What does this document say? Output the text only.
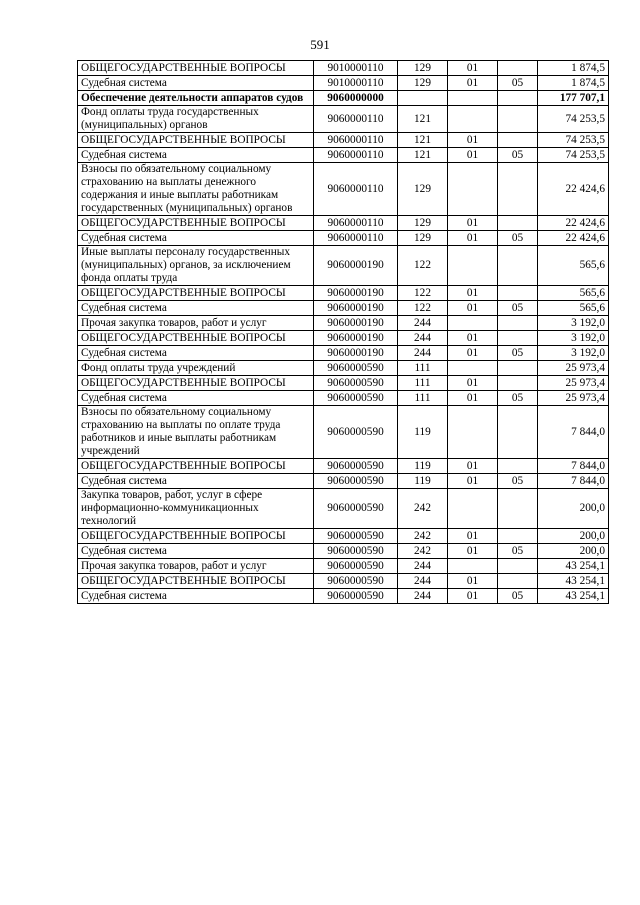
591
ОБЩЕГОСУДАРСТВЕННЫЕ ВОПРОСЫ	9010000110	129	01		1 874,5
Судебная система	9010000110	129	01	05	1 874,5
Обеспечение деятельности аппаратов судов	9060000000				177 707,1
Фонд оплаты труда государственных (муниципальных) органов	9060000110	121			74 253,5
ОБЩЕГОСУДАРСТВЕННЫЕ ВОПРОСЫ	9060000110	121	01		74 253,5
Судебная система	9060000110	121	01	05	74 253,5
Взносы по обязательному социальному страхованию на выплаты денежного содержания и иные выплаты работникам государственных (муниципальных) органов	9060000110	129			22 424,6
ОБЩЕГОСУДАРСТВЕННЫЕ ВОПРОСЫ	9060000110	129	01		22 424,6
Судебная система	9060000110	129	01	05	22 424,6
Иные выплаты персоналу государственных (муниципальных) органов, за исключением фонда оплаты труда	9060000190	122			565,6
ОБЩЕГОСУДАРСТВЕННЫЕ ВОПРОСЫ	9060000190	122	01		565,6
Судебная система	9060000190	122	01	05	565,6
Прочая закупка товаров, работ и услуг	9060000190	244			3 192,0
ОБЩЕГОСУДАРСТВЕННЫЕ ВОПРОСЫ	9060000190	244	01		3 192,0
Судебная система	9060000190	244	01	05	3 192,0
Фонд оплаты труда учреждений	9060000590	111			25 973,4
ОБЩЕГОСУДАРСТВЕННЫЕ ВОПРОСЫ	9060000590	111	01		25 973,4
Судебная система	9060000590	111	01	05	25 973,4
Взносы по обязательному социальному страхованию на выплаты по оплате труда работников и иные выплаты работникам учреждений	9060000590	119			7 844,0
ОБЩЕГОСУДАРСТВЕННЫЕ ВОПРОСЫ	9060000590	119	01		7 844,0
Судебная система	9060000590	119	01	05	7 844,0
Закупка товаров, работ, услуг в сфере информационно-коммуникационных технологий	9060000590	242			200,0
ОБЩЕГОСУДАРСТВЕННЫЕ ВОПРОСЫ	9060000590	242	01		200,0
Судебная система	9060000590	242	01	05	200,0
Прочая закупка товаров, работ и услуг	9060000590	244			43 254,1
ОБЩЕГОСУДАРСТВЕННЫЕ ВОПРОСЫ	9060000590	244	01		43 254,1
Судебная система	9060000590	244	01	05	43 254,1
